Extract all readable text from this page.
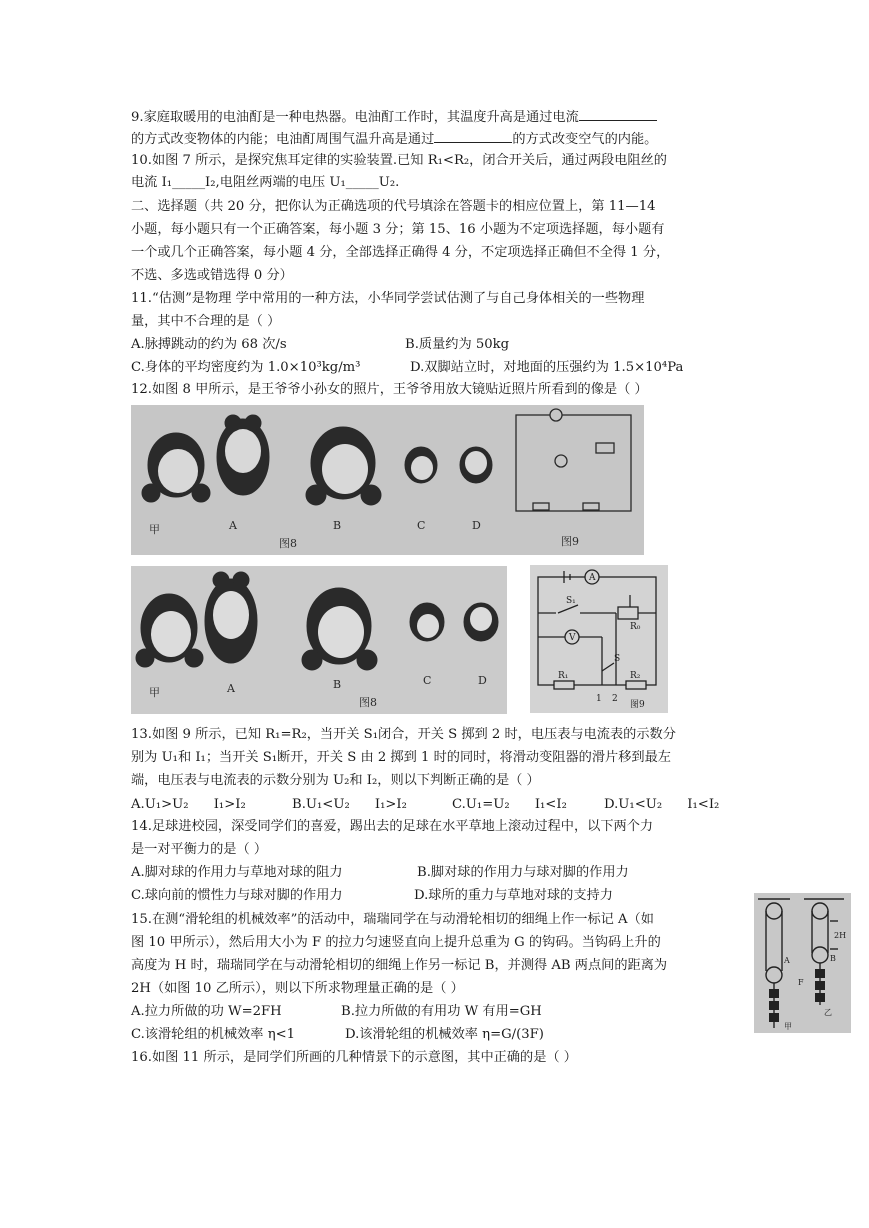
9.家庭取暖用的电油酊是一种电热器。电油酊工作时，其温度升高是通过电流
的方式改变物体的内能；电油酊周围气温升高是通过	的方式改变空气的内能。
10.如图 7 所示，是探究焦耳定律的实验装置.已知 R₁<R₂，闭合开关后，通过两段电阻丝的
电流 I₁_____I₂,电阻丝两端的电压 U₁_____U₂.
二、选择题（共 20 分，把你认为正确选项的代号填涂在答题卡的相应位置上，第 11—14
小题，每小题只有一个正确答案，每小题 3 分；第 15、16 小题为不定项选择题，每小题有
一个或几个正确答案，每小题 4 分，全部选择正确得 4 分，不定项选择正确但不全得 1 分，
不选、多选或错选得 0 分）
11.“估测”是物理 学中常用的一种方法，小华同学尝试估测了与自己身体相关的一些物理
量，其中不合理的是（ ）
A.脉搏跳动的约为 68 次/s	B.质量约为 50kg
C.身体的平均密度约为 1.0×10³kg/m³	D.双脚站立时，对地面的压强约为 1.5×10⁴Pa
12.如图 8 甲所示，是王爷爷小孙女的照片，王爷爷用放大镜贴近照片所看到的像是（ ）
甲	A	B	C	D
图8	图9
甲	A	B	C	D
图8
A
V
S₁
R₀
R₁	R₂
S
1 2
图9
13.如图 9 所示，已知 R₁=R₂，当开关 S₁闭合，开关 S 掷到 2 时，电压表与电流表的示数分
别为 U₁和 I₁；当开关 S₁断开，开关 S 由 2 掷到 1 时的同时，将滑动变阻器的滑片移到最左
端，电压表与电流表的示数分别为 U₂和 I₂，则以下判断正确的是（ ）
A.U₁>U₂      I₁>I₂	B.U₁<U₂      I₁>I₂	C.U₁=U₂      I₁<I₂	D.U₁<U₂      I₁<I₂
14.足球进校园，深受同学们的喜爱，踢出去的足球在水平草地上滚动过程中，以下两个力
是一对平衡力的是（ ）
A.脚对球的作用力与草地对球的阻力	B.脚对球的作用力与球对脚的作用力
C.球向前的惯性力与球对脚的作用力	D.球所的重力与草地对球的支持力
15.在测“滑轮组的机械效率”的活动中，瑞瑞同学在与动滑轮相切的细绳上作一标记 A（如
图 10 甲所示），然后用大小为 F 的拉力匀速竖直向上提升总重为 G 的钩码。当钩码上升的
高度为 H 时，瑞瑞同学在与动滑轮相切的细绳上作另一标记 B，并测得 AB 两点间的距离为
2H（如图 10 乙所示），则以下所求物理量正确的是（ ）
A.拉力所做的功 W=2FH	B.拉力所做的有用功 W 有用=GH
C.该滑轮组的机械效率 η<1	D.该滑轮组的机械效率 η=G/(3F)
16.如图 11 所示，是同学们所画的几种情景下的示意图，其中正确的是（ ）
2H
A	B
F
乙
甲
